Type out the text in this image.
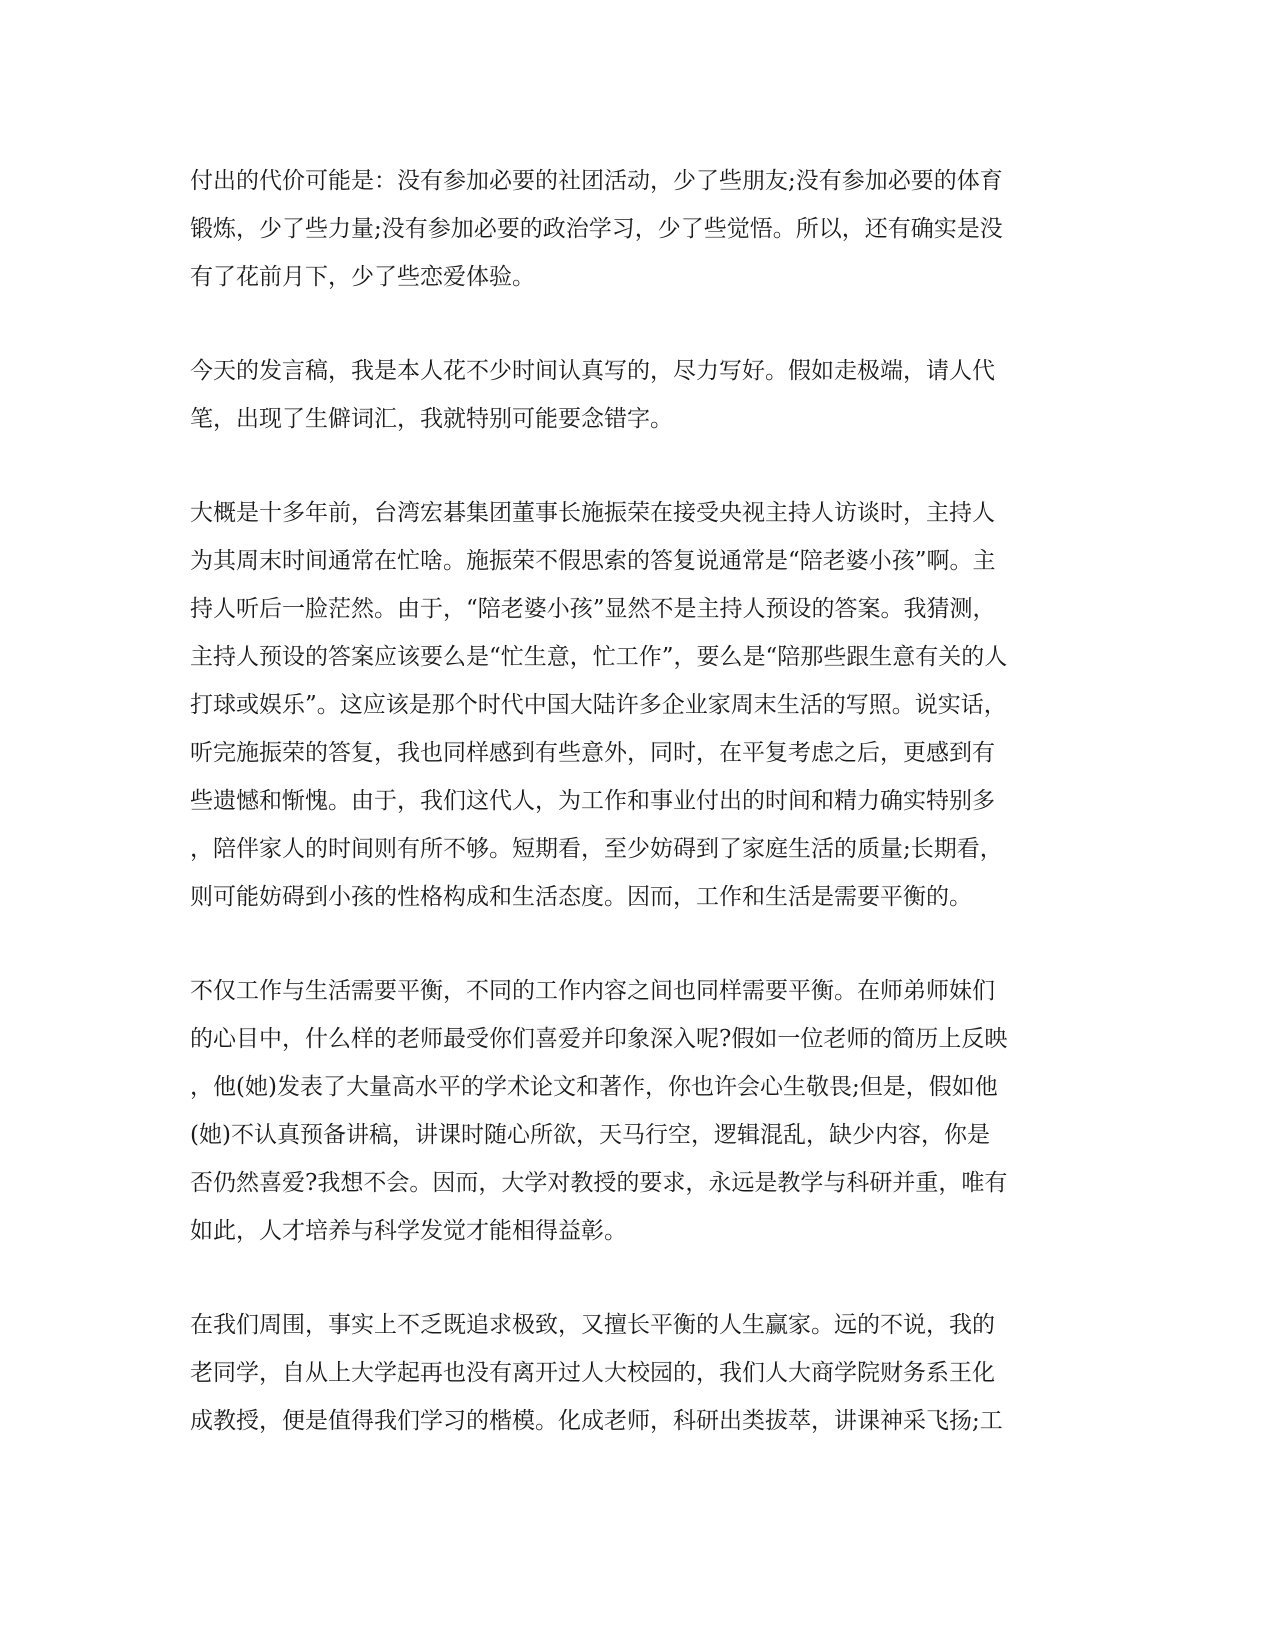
付出的代价可能是：没有参加必要的社团活动，少了些朋友;没有参加必要的体育
锻炼，少了些力量;没有参加必要的政治学习，少了些觉悟。所以，还有确实是没
有了花前月下，少了些恋爱体验。
今天的发言稿，我是本人花不少时间认真写的，尽力写好。假如走极端，请人代
笔，出现了生僻词汇，我就特别可能要念错字。
大概是十多年前，台湾宏碁集团董事长施振荣在接受央视主持人访谈时，主持人
为其周末时间通常在忙啥。施振荣不假思索的答复说通常是“陪老婆小孩”啊。主
持人听后一脸茫然。由于，“陪老婆小孩”显然不是主持人预设的答案。我猜测，
主持人预设的答案应该要么是“忙生意，忙工作”，要么是“陪那些跟生意有关的人
打球或娱乐”。这应该是那个时代中国大陆许多企业家周末生活的写照。说实话，
听完施振荣的答复，我也同样感到有些意外，同时，在平复考虑之后，更感到有
些遗憾和惭愧。由于，我们这代人，为工作和事业付出的时间和精力确实特别多
，陪伴家人的时间则有所不够。短期看，至少妨碍到了家庭生活的质量;长期看，
则可能妨碍到小孩的性格构成和生活态度。因而，工作和生活是需要平衡的。
不仅工作与生活需要平衡，不同的工作内容之间也同样需要平衡。在师弟师妹们
的心目中，什么样的老师最受你们喜爱并印象深入呢?假如一位老师的简历上反映
，他(她)发表了大量高水平的学术论文和著作，你也许会心生敬畏;但是，假如他
(她)不认真预备讲稿，讲课时随心所欲，天马行空，逻辑混乱，缺少内容，你是
否仍然喜爱?我想不会。因而，大学对教授的要求，永远是教学与科研并重，唯有
如此，人才培养与科学发觉才能相得益彰。
在我们周围，事实上不乏既追求极致，又擅长平衡的人生赢家。远的不说，我的
老同学，自从上大学起再也没有离开过人大校园的，我们人大商学院财务系王化
成教授，便是值得我们学习的楷模。化成老师，科研出类拔萃，讲课神采飞扬;工
